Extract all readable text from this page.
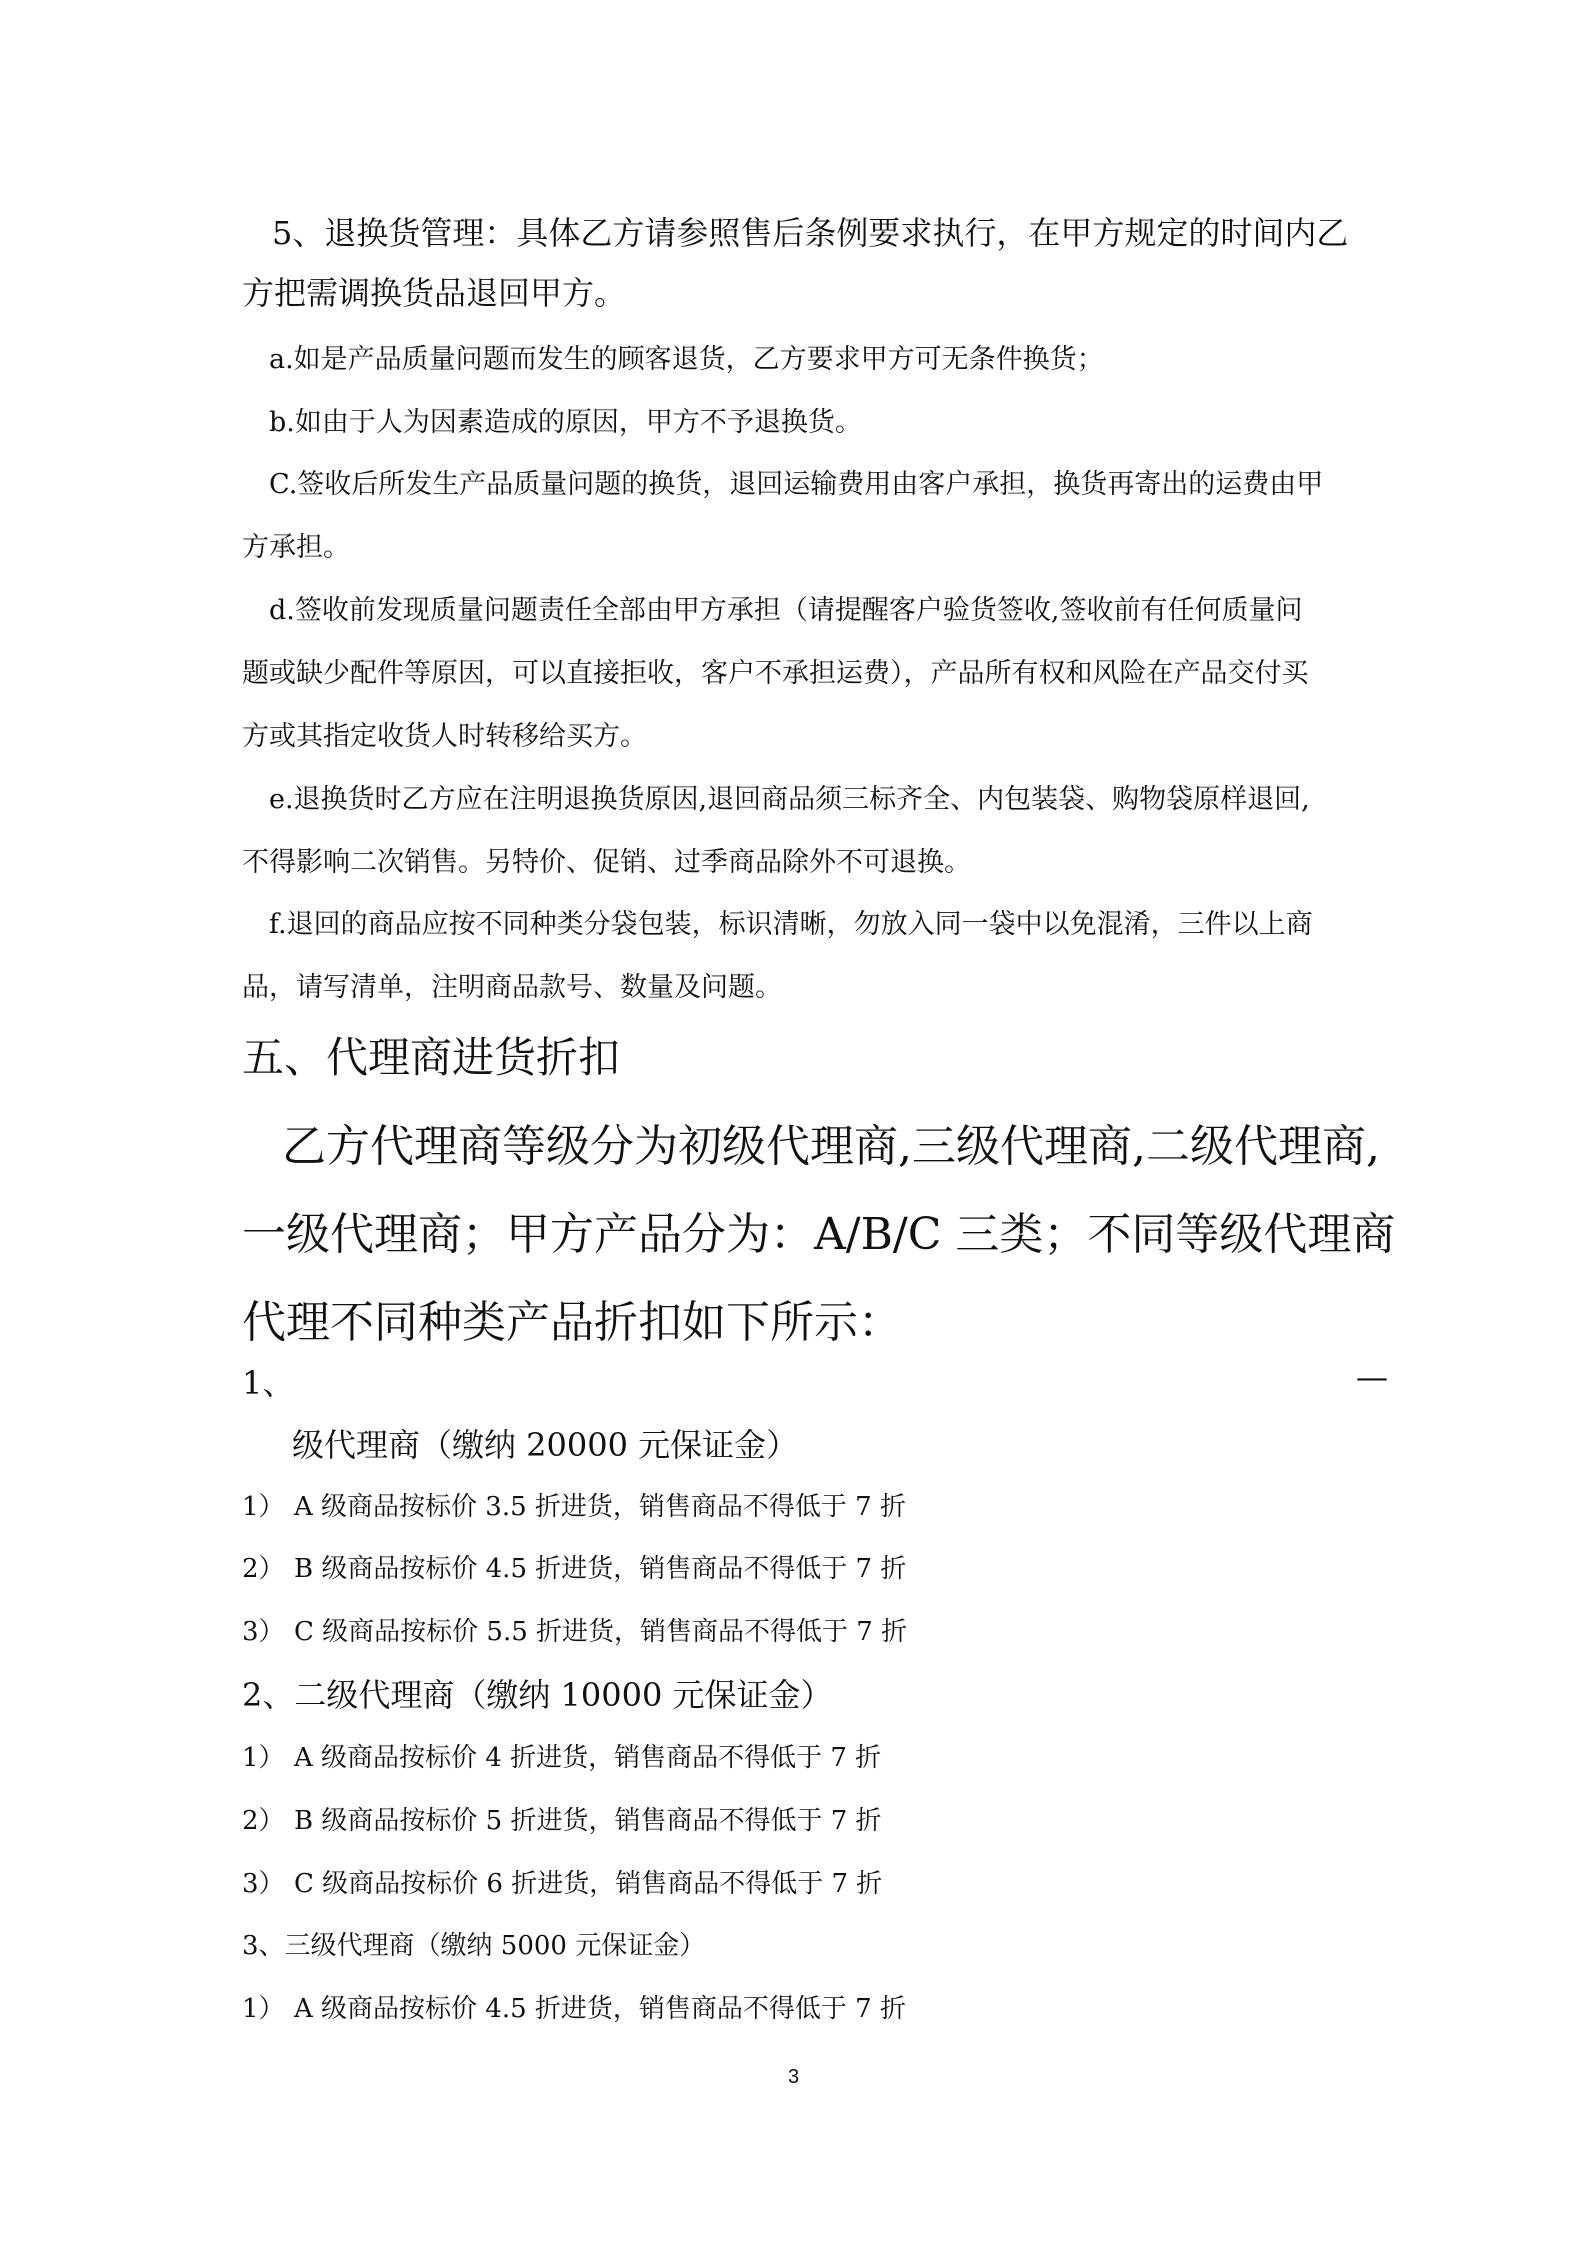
5、退换货管理：具体乙方请参照售后条例要求执行，在甲方规定的时间内乙
方把需调换货品退回甲方。
a.如是产品质量问题而发生的顾客退货，乙方要求甲方可无条件换货；
b.如由于人为因素造成的原因，甲方不予退换货。
C.签收后所发生产品质量问题的换货，退回运输费用由客户承担，换货再寄出的运费由甲
方承担。
d.签收前发现质量问题责任全部由甲方承担（请提醒客户验货签收,签收前有任何质量问
题或缺少配件等原因，可以直接拒收，客户不承担运费），产品所有权和风险在产品交付买
方或其指定收货人时转移给买方。
e.退换货时乙方应在注明退换货原因,退回商品须三标齐全、内包装袋、购物袋原样退回,
不得影响二次销售。另特价、促销、过季商品除外不可退换。
f.退回的商品应按不同种类分袋包装，标识清晰，勿放入同一袋中以免混淆，三件以上商
品，请写清单，注明商品款号、数量及问题。
五、代理商进货折扣
乙方代理商等级分为初级代理商,三级代理商,二级代理商,
一级代理商；甲方产品分为：A/B/C 三类；不同等级代理商
代理不同种类产品折扣如下所示：
1、	—
级代理商（缴纳 20000 元保证金）
1） A 级商品按标价 3.5 折进货，销售商品不得低于 7 折
2） B 级商品按标价 4.5 折进货，销售商品不得低于 7 折
3） C 级商品按标价 5.5 折进货，销售商品不得低于 7 折
2、二级代理商（缴纳 10000 元保证金）
1） A 级商品按标价 4 折进货，销售商品不得低于 7 折
2） B 级商品按标价 5 折进货，销售商品不得低于 7 折
3） C 级商品按标价 6 折进货，销售商品不得低于 7 折
3、三级代理商（缴纳 5000 元保证金）
1） A 级商品按标价 4.5 折进货，销售商品不得低于 7 折
3
